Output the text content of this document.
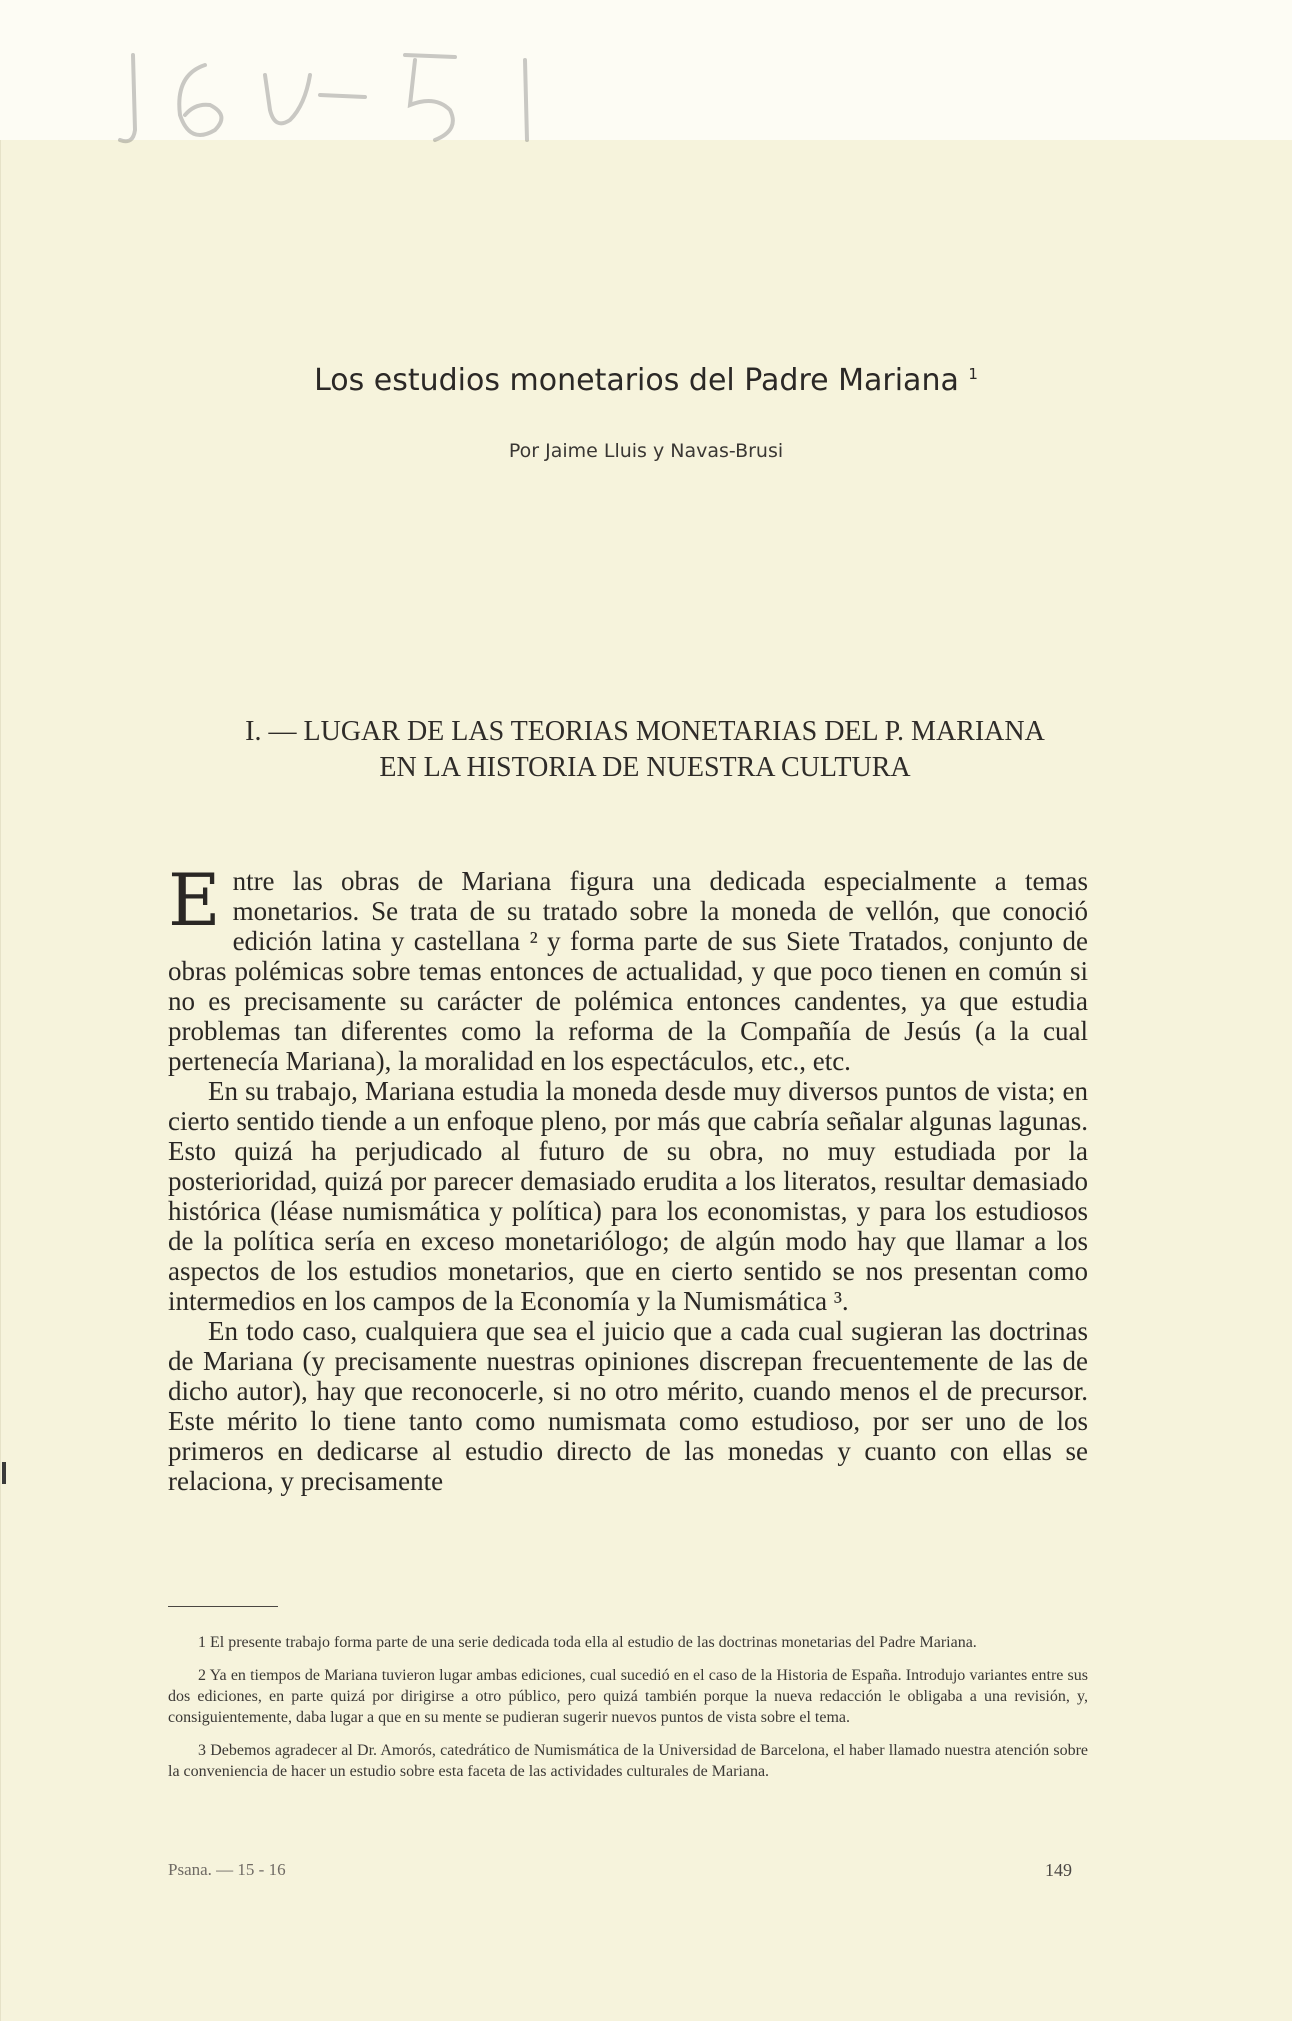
Los estudios monetarios del Padre Mariana $^1$
Por Jaime Lluis y Navas-Brusi
I. — LUGAR DE LAS TEORIAS MONETARIAS DEL P. MARIANA
EN LA HISTORIA DE NUESTRA CULTURA

Entre las obras de Mariana figura una dedicada especialmente a temas monetarios. Se trata de su tratado sobre la moneda de vellón, que conoció edición latina y castellana ² y forma parte de sus Siete Tratados, conjunto de obras polémicas sobre temas entonces de actualidad, y que poco tienen en común si no es precisamente su carácter de polémica entonces candentes, ya que estudia problemas tan diferentes como la reforma de la Compañía de Jesús (a la cual pertenecía Mariana), la moralidad en los espectáculos, etc., etc.

En su trabajo, Mariana estudia la moneda desde muy diversos puntos de vista; en cierto sentido tiende a un enfoque pleno, por más que cabría señalar algunas lagunas. Esto quizá ha perjudicado al futuro de su obra, no muy estudiada por la posterioridad, quizá por parecer demasiado erudita a los literatos, resultar demasiado histórica (léase numismática y política) para los economistas, y para los estudiosos de la política sería en exceso monetariólogo; de algún modo hay que llamar a los aspectos de los estudios monetarios, que en cierto sentido se nos presentan como intermedios en los campos de la Economía y la Numismática ³.

En todo caso, cualquiera que sea el juicio que a cada cual sugieran las doctrinas de Mariana (y precisamente nuestras opiniones discrepan frecuentemente de las de dicho autor), hay que reconocerle, si no otro mérito, cuando menos el de precursor. Este mérito lo tiene tanto como numismata como estudioso, por ser uno de los primeros en dedicarse al estudio directo de las monedas y cuanto con ellas se relaciona, y precisamente

1 El presente trabajo forma parte de una serie dedicada toda ella al estudio de las doctrinas monetarias del Padre Mariana.

2 Ya en tiempos de Mariana tuvieron lugar ambas ediciones, cual sucedió en el caso de la Historia de España. Introdujo variantes entre sus dos ediciones, en parte quizá por dirigirse a otro público, pero quizá también porque la nueva redacción le obligaba a una revisión, y, consiguientemente, daba lugar a que en su mente se pudieran sugerir nuevos puntos de vista sobre el tema.

3 Debemos agradecer al Dr. Amorós, catedrático de Numismática de la Universidad de Barcelona, el haber llamado nuestra atención sobre la conveniencia de hacer un estudio sobre esta faceta de las actividades culturales de Mariana.

Psana. — 15 - 16	149
